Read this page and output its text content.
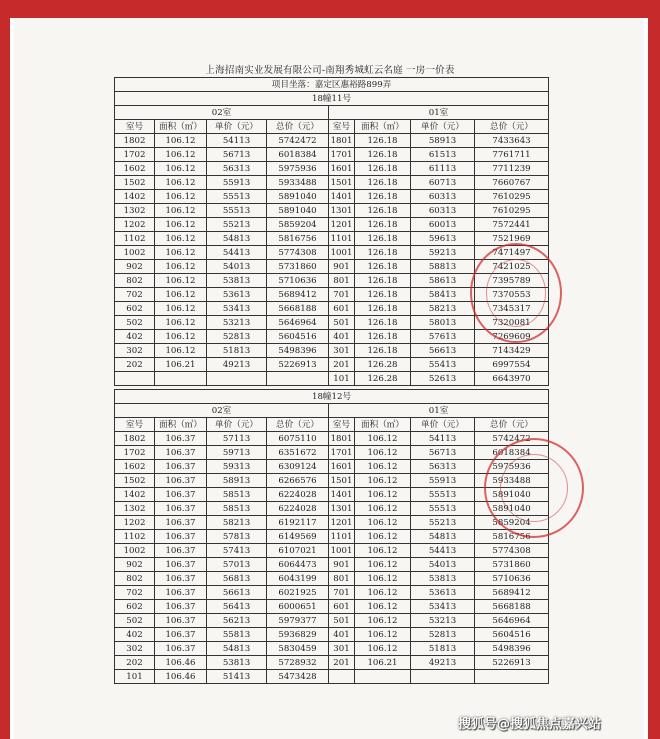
上海招南实业发展有限公司-南翔秀城虹云名庭 一房一价表
项目坐落：嘉定区惠裕路899弄							
18幢11号							
02室				01室			
室号	面积（㎡）	单价（元）	总价（元）	室号	面积（㎡）	单价（元）	总价（元）
1802	106.12	54113	5742472	1801	126.18	58913	7433643
1702	106.12	56713	6018384	1701	126.18	61513	7761711
1602	106.12	56313	5975936	1601	126.18	61113	7711239
1502	106.12	55913	5933488	1501	126.18	60713	7660767
1402	106.12	55513	5891040	1401	126.18	60313	7610295
1302	106.12	55513	5891040	1301	126.18	60313	7610295
1202	106.12	55213	5859204	1201	126.18	60013	7572441
1102	106.12	54813	5816756	1101	126.18	59613	7521969
1002	106.12	54413	5774308	1001	126.18	59213	7471497
902	106.12	54013	5731860	901	126.18	58813	7421025
802	106.12	53813	5710636	801	126.18	58613	7395789
702	106.12	53613	5689412	701	126.18	58413	7370553
602	106.12	53413	5668188	601	126.18	58213	7345317
502	106.12	53213	5646964	501	126.18	58013	7320081
402	106.12	52813	5604516	401	126.18	57613	7269609
302	106.12	51813	5498396	301	126.18	56613	7143429
202	106.21	49213	5226913	201	126.28	55413	6997554
				101	126.28	52613	6643970
18幢12号							
02室				01室			
室号	面积（㎡）	单价（元）	总价（元）	室号	面积（㎡）	单价（元）	总价（元）
1802	106.37	57113	6075110	1801	106.12	54113	5742472
1702	106.37	59713	6351672	1701	106.12	56713	6018384
1602	106.37	59313	6309124	1601	106.12	56313	5975936
1502	106.37	58913	6266576	1501	106.12	55913	5933488
1402	106.37	58513	6224028	1401	106.12	55513	5891040
1302	106.37	58513	6224028	1301	106.12	55513	5891040
1202	106.37	58213	6192117	1201	106.12	55213	5859204
1102	106.37	57813	6149569	1101	106.12	54813	5816756
1002	106.37	57413	6107021	1001	106.12	54413	5774308
902	106.37	57013	6064473	901	106.12	54013	5731860
802	106.37	56813	6043199	801	106.12	53813	5710636
702	106.37	56613	6021925	701	106.12	53613	5689412
602	106.37	56413	6000651	601	106.12	53413	5668188
502	106.37	56213	5979377	501	106.12	53213	5646964
402	106.37	55813	5936829	401	106.12	52813	5604516
302	106.37	54813	5830459	301	106.12	51813	5498396
202	106.46	53813	5728932	201	106.21	49213	5226913
101	106.46	51413	5473428				
搜狐号@搜狐焦点嘉兴站
